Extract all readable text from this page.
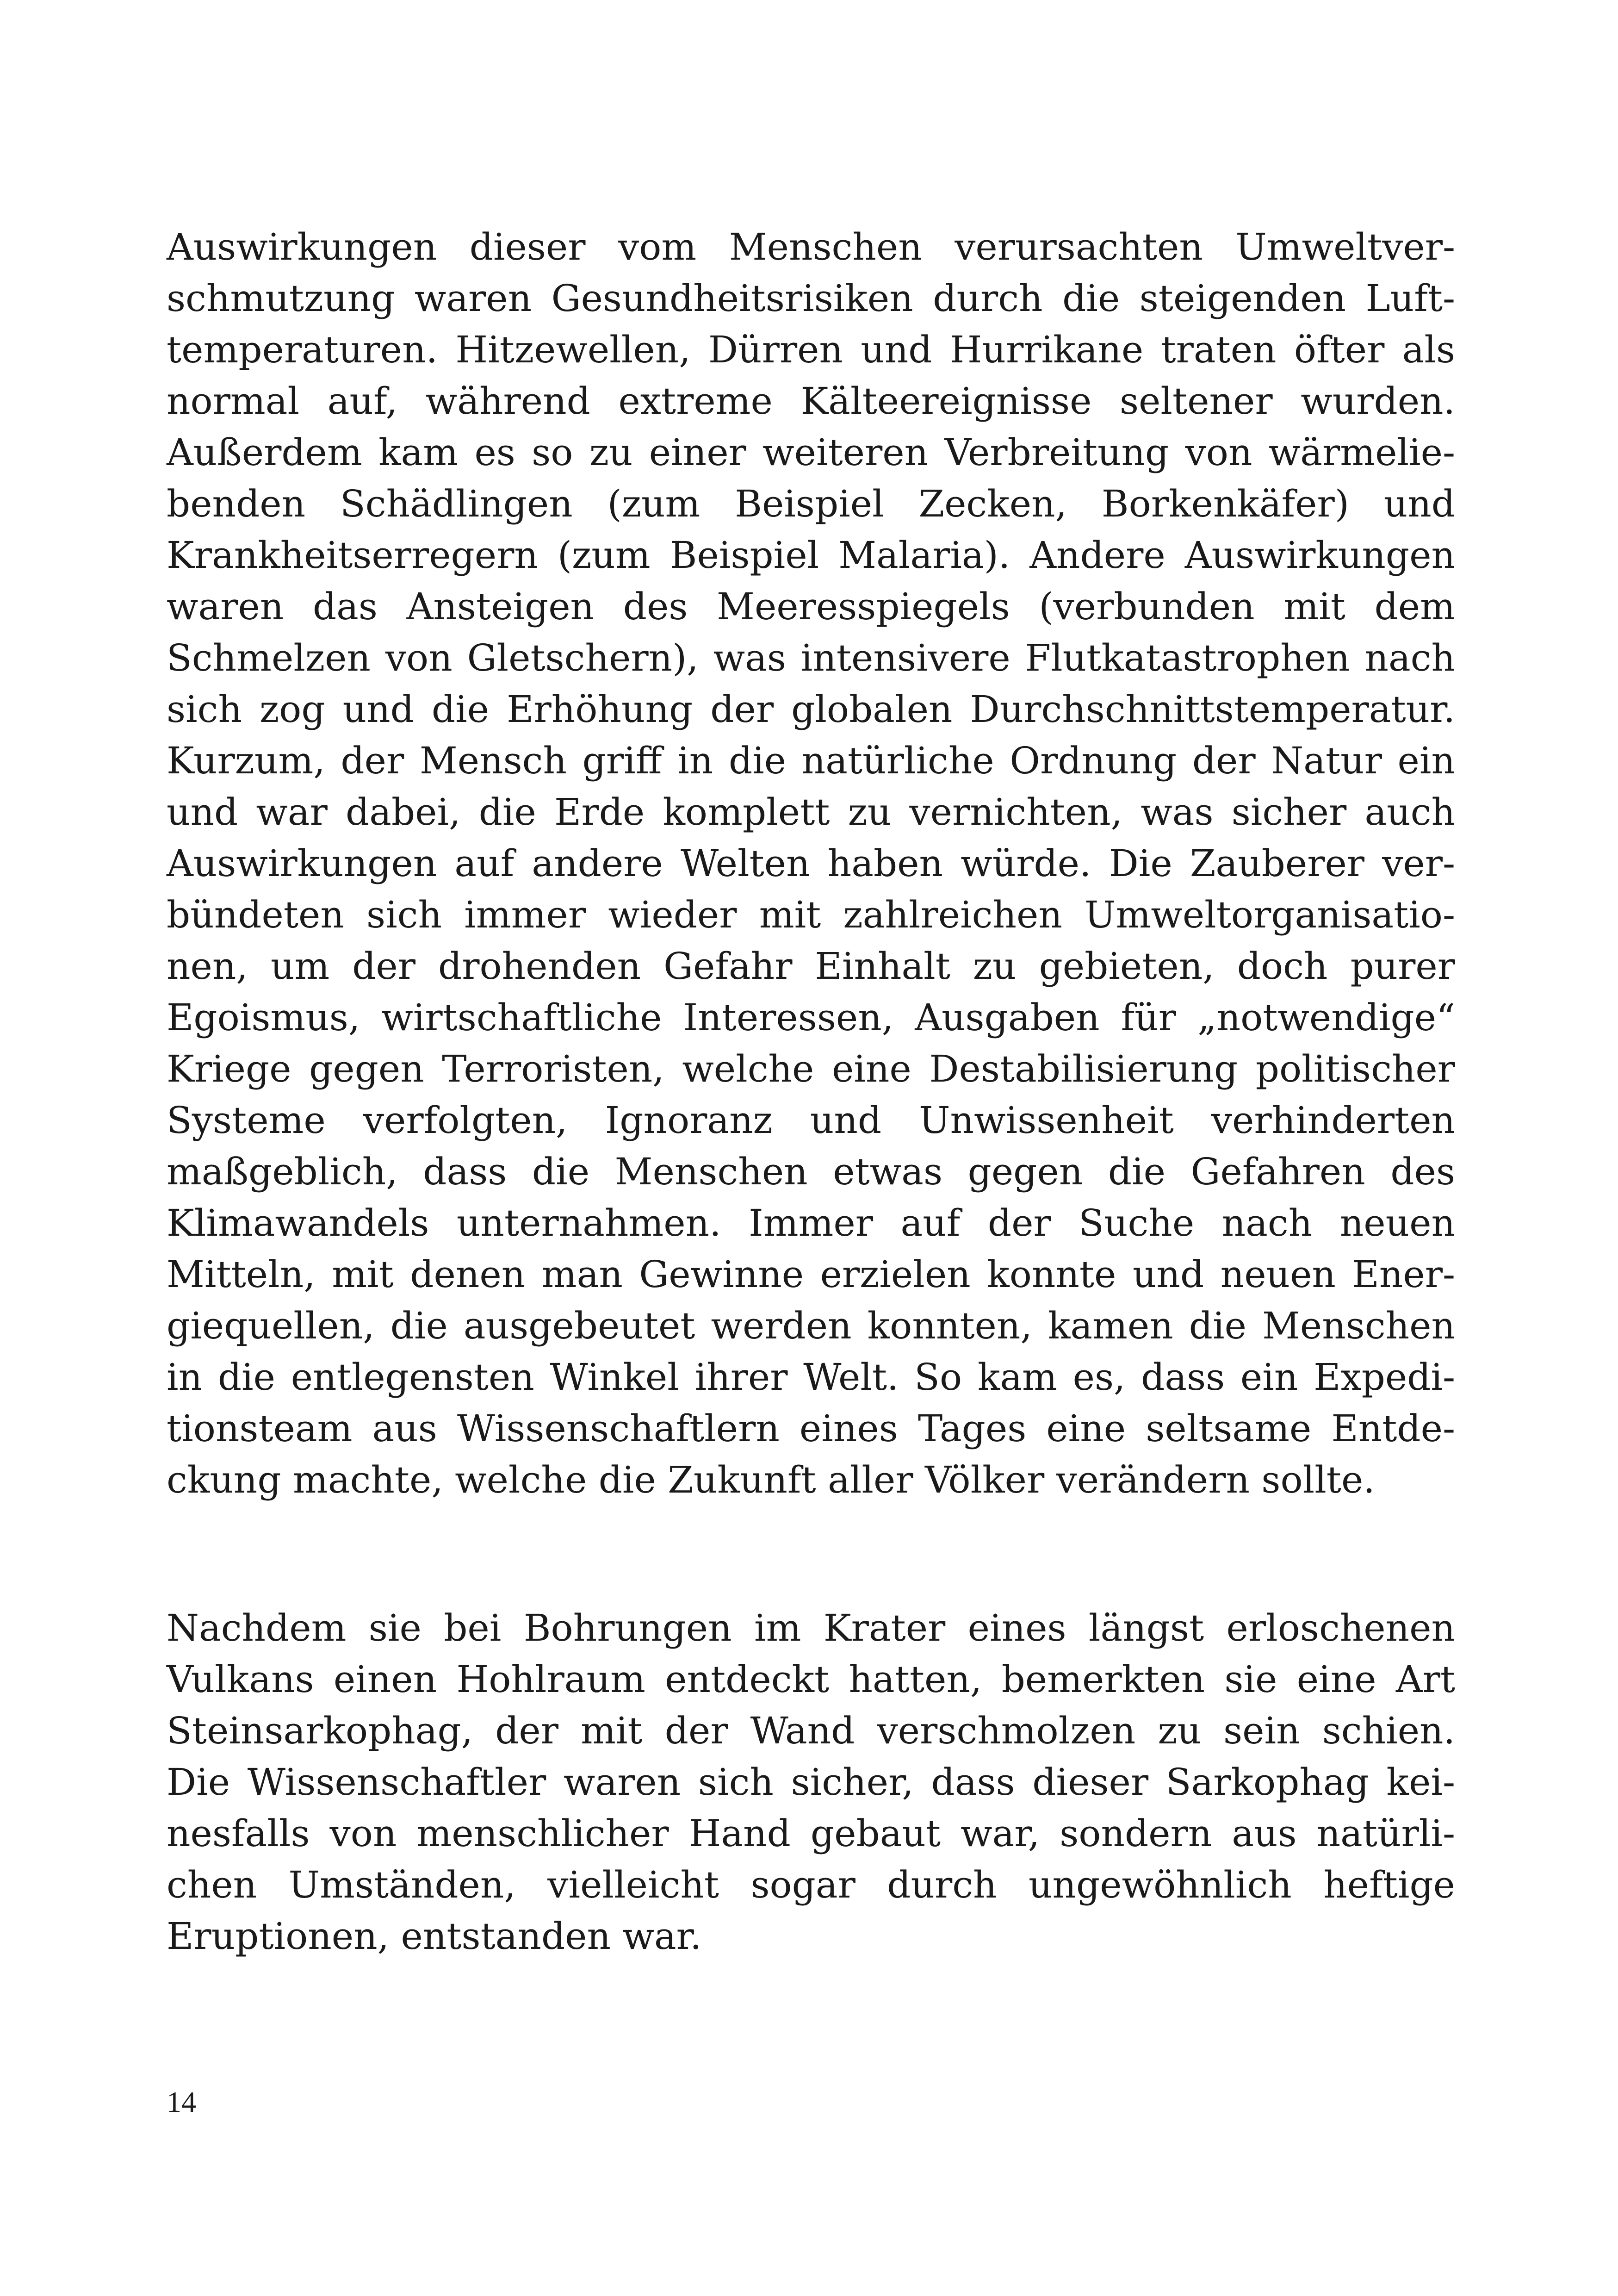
Auswirkungen dieser vom Menschen verursachten Umweltver-
schmutzung waren Gesundheitsrisiken durch die steigenden Luft-
temperaturen. Hitzewellen, Dürren und Hurrikane traten öfter als
normal auf, während extreme Kälteereignisse seltener wurden.
Außerdem kam es so zu einer weiteren Verbreitung von wärmelie-
benden Schädlingen (zum Beispiel Zecken, Borkenkäfer) und
Krankheitserregern (zum Beispiel Malaria). Andere Auswirkungen
waren das Ansteigen des Meeresspiegels (verbunden mit dem
Schmelzen von Gletschern), was intensivere Flutkatastrophen nach
sich zog und die Erhöhung der globalen Durchschnittstemperatur.
Kurzum, der Mensch griff in die natürliche Ordnung der Natur ein
und war dabei, die Erde komplett zu vernichten, was sicher auch
Auswirkungen auf andere Welten haben würde. Die Zauberer ver-
bündeten sich immer wieder mit zahlreichen Umweltorganisatio-
nen, um der drohenden Gefahr Einhalt zu gebieten, doch purer
Egoismus, wirtschaftliche Interessen, Ausgaben für „notwendige“
Kriege gegen Terroristen, welche eine Destabilisierung politischer
Systeme verfolgten, Ignoranz und Unwissenheit verhinderten
maßgeblich, dass die Menschen etwas gegen die Gefahren des
Klimawandels unternahmen. Immer auf der Suche nach neuen
Mitteln, mit denen man Gewinne erzielen konnte und neuen Ener-
giequellen, die ausgebeutet werden konnten, kamen die Menschen
in die entlegensten Winkel ihrer Welt. So kam es, dass ein Expedi-
tionsteam aus Wissenschaftlern eines Tages eine seltsame Entde-
ckung machte, welche die Zukunft aller Völker verändern sollte.
Nachdem sie bei Bohrungen im Krater eines längst erloschenen
Vulkans einen Hohlraum entdeckt hatten, bemerkten sie eine Art
Steinsarkophag, der mit der Wand verschmolzen zu sein schien.
Die Wissenschaftler waren sich sicher, dass dieser Sarkophag kei-
nesfalls von menschlicher Hand gebaut war, sondern aus natürli-
chen Umständen, vielleicht sogar durch ungewöhnlich heftige
Eruptionen, entstanden war.
14
